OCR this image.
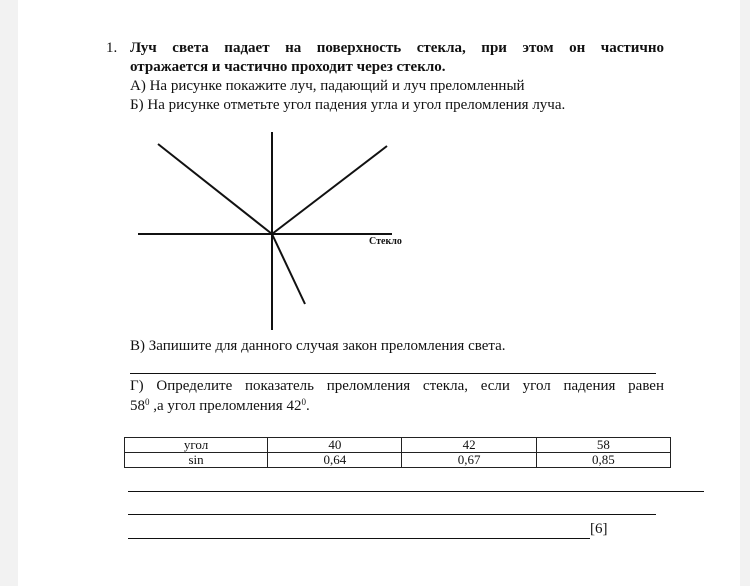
1. Луч света падает на поверхность стекла, при этом он частично
отражается и частично проходит через стекло.
А) На рисунке покажите луч, падающий и луч преломленный
Б) На рисунке отметьте угол падения угла и угол преломления луча.
Стекло
В) Запишите для данного случая закон преломления света.
Г) Определите показатель преломления стекла, если угол падения равен
$58^0$ ,а угол преломления $42^0$.
угол	40	42	58
sin	0,64	0,67	0,85
[6]
